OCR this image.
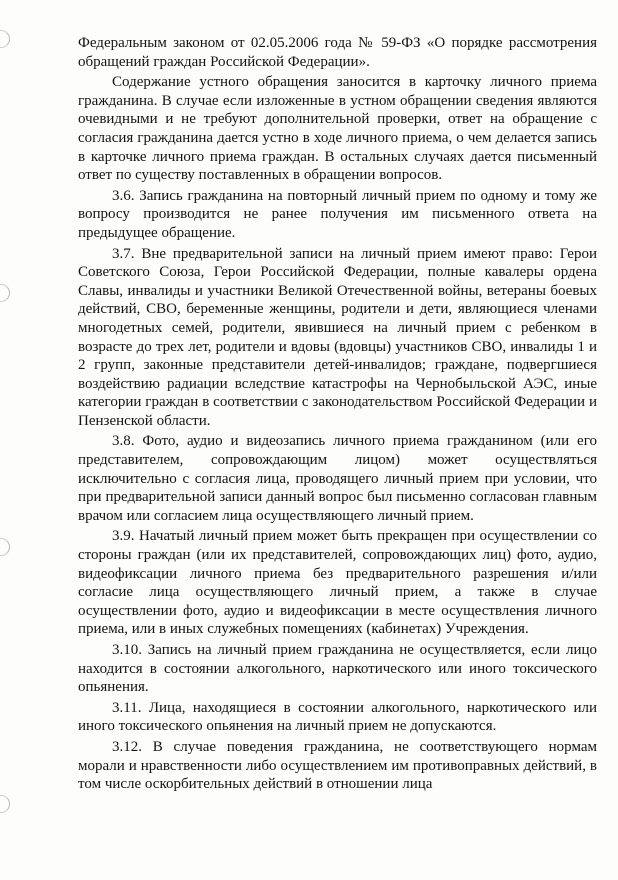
Федеральным законом от 02.05.2006 года № 59-ФЗ «О порядке рассмотрения обращений граждан Российской Федерации».

Содержание устного обращения заносится в карточку личного приема гражданина. В случае если изложенные в устном обращении сведения являются очевидными и не требуют дополнительной проверки, ответ на обращение с согласия гражданина дается устно в ходе личного приема, о чем делается запись в карточке личного приема граждан. В остальных случаях дается письменный ответ по существу поставленных в обращении вопросов.

3.6. Запись гражданина на повторный личный прием по одному и тому же вопросу производится не ранее получения им письменного ответа на предыдущее обращение.

3.7. Вне предварительной записи на личный прием имеют право: Герои Советского Союза, Герои Российской Федерации, полные кавалеры ордена Славы, инвалиды и участники Великой Отечественной войны, ветераны боевых действий, СВО, беременные женщины, родители и дети, являющиеся членами многодетных семей, родители, явившиеся на личный прием с ребенком в возрасте до трех лет, родители и вдовы (вдовцы) участников СВО, инвалиды 1 и 2 групп, законные представители детей-инвалидов; граждане, подвергшиеся воздействию радиации вследствие катастрофы на Чернобыльской АЭС, иные категории граждан в соответствии с законодательством Российской Федерации и Пензенской области.

3.8. Фото, аудио и видеозапись личного приема гражданином (или его представителем, сопровождающим лицом) может осуществляться исключительно с согласия лица, проводящего личный прием при условии, что при предварительной записи данный вопрос был письменно согласован главным врачом или согласием лица осуществляющего личный прием.

3.9. Начатый личный прием может быть прекращен при осуществлении со стороны граждан (или их представителей, сопровождающих лиц) фото, аудио, видеофиксации личного приема без предварительного разрешения и/или согласие лица осуществляющего личный прием, а также в случае осуществлении фото, аудио и видеофиксации в месте осуществления личного приема, или в иных служебных помещениях (кабинетах) Учреждения.

3.10. Запись на личный прием гражданина не осуществляется, если лицо находится в состоянии алкогольного, наркотического или иного токсического опьянения.

3.11. Лица, находящиеся в состоянии алкогольного, наркотического или иного токсического опьянения на личный прием не допускаются.

3.12. В случае поведения гражданина, не соответствующего нормам морали и нравственности либо осуществлением им противоправных действий, в том числе оскорбительных действий в отношении лица
